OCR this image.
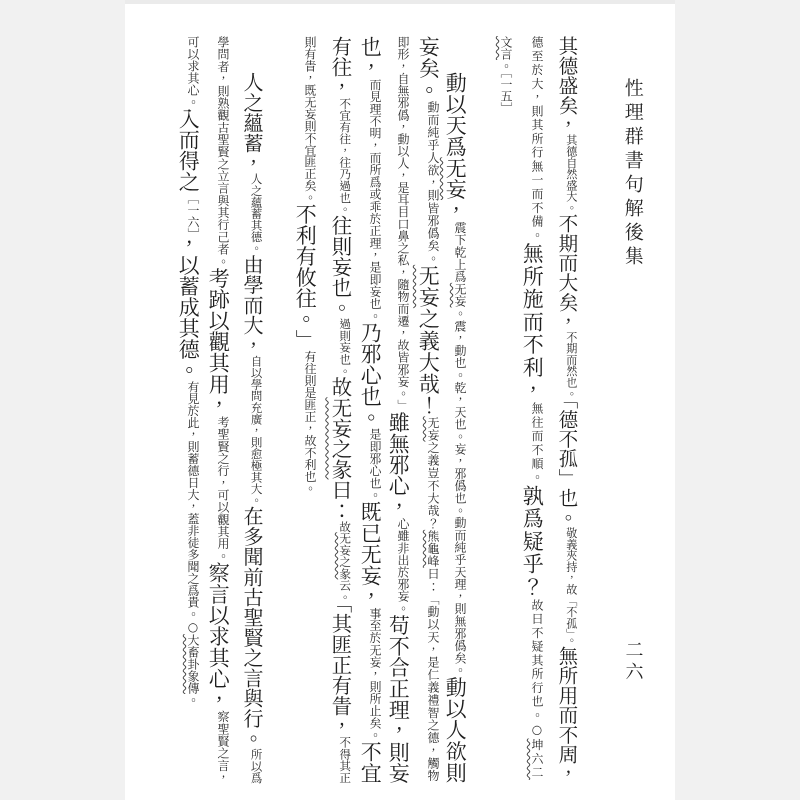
性理群書句解後集
二六
其德盛矣，$^{其德自然盛大。}$不期而大矣，$^{不期而然也。}$「德不孤」也。$^{敬義夾持,故「不孤」。}$無所用而不周，
$^{德至於大,則其所行無一而不備。}$無所施而不利，$^{無往而不順。}$孰爲疑乎？$^{故曰不疑其所行也。○坤六二}$
$^{文言。[一五]}$
動以天爲无妄，$^{震下乾上爲无妄。震,動也。乾,天也。妄,邪僞也。動而純乎天理,則無邪僞矣。}$動以人欲則
妄矣。$^{動而純乎人欲,則皆邪僞矣。}$无妄之義大哉！$^{无妄之義豈不大哉?熊龜峰曰:「動以天,是仁義禮智之德,觸物}$
$^{即形,自無邪僞,動以人,是耳目口鼻之私,隨物而遷,故皆邪妄。」}$雖無邪心，$^{心雖非出於邪妄。}$苟不合正理，則妄
也，$^{而見理不明,而所爲或乖於正理,是即妄也。}$乃邪心也。$^{是即邪心也。}$既已无妄，$^{事至於无妄,則所止矣。}$不宜
有往，$^{不宜有往,往乃過也。}$往則妄也。$^{過則妄也。}$故无妄之彖曰：$^{故无妄之彖云。}$「其匪正有眚，$^{不得其正}$
$^{則有眚,既无妄則不宜匪正矣。}$不利有攸往。」$^{有往則是匪正,故不利也。}$
人之蘊蓄，$^{人之蘊蓄其德。}$由學而大，$^{自以學問充廣,則愈極其大。}$在多聞前古聖賢之言與行。$^{所以爲}$
$^{學問者,則熟觀古聖賢之立言與其行己者。}$考跡以觀其用，$^{考聖賢之行,可以觀其用。}$察言以求其心，$^{察聖賢之言,}$
$^{可以求其心。}$入而得之$^{[一六]}$，以蓄成其德。$^{有見於此,則蓄德日大,蓋非徒多聞之爲貴。○大畜卦象傳。}$
